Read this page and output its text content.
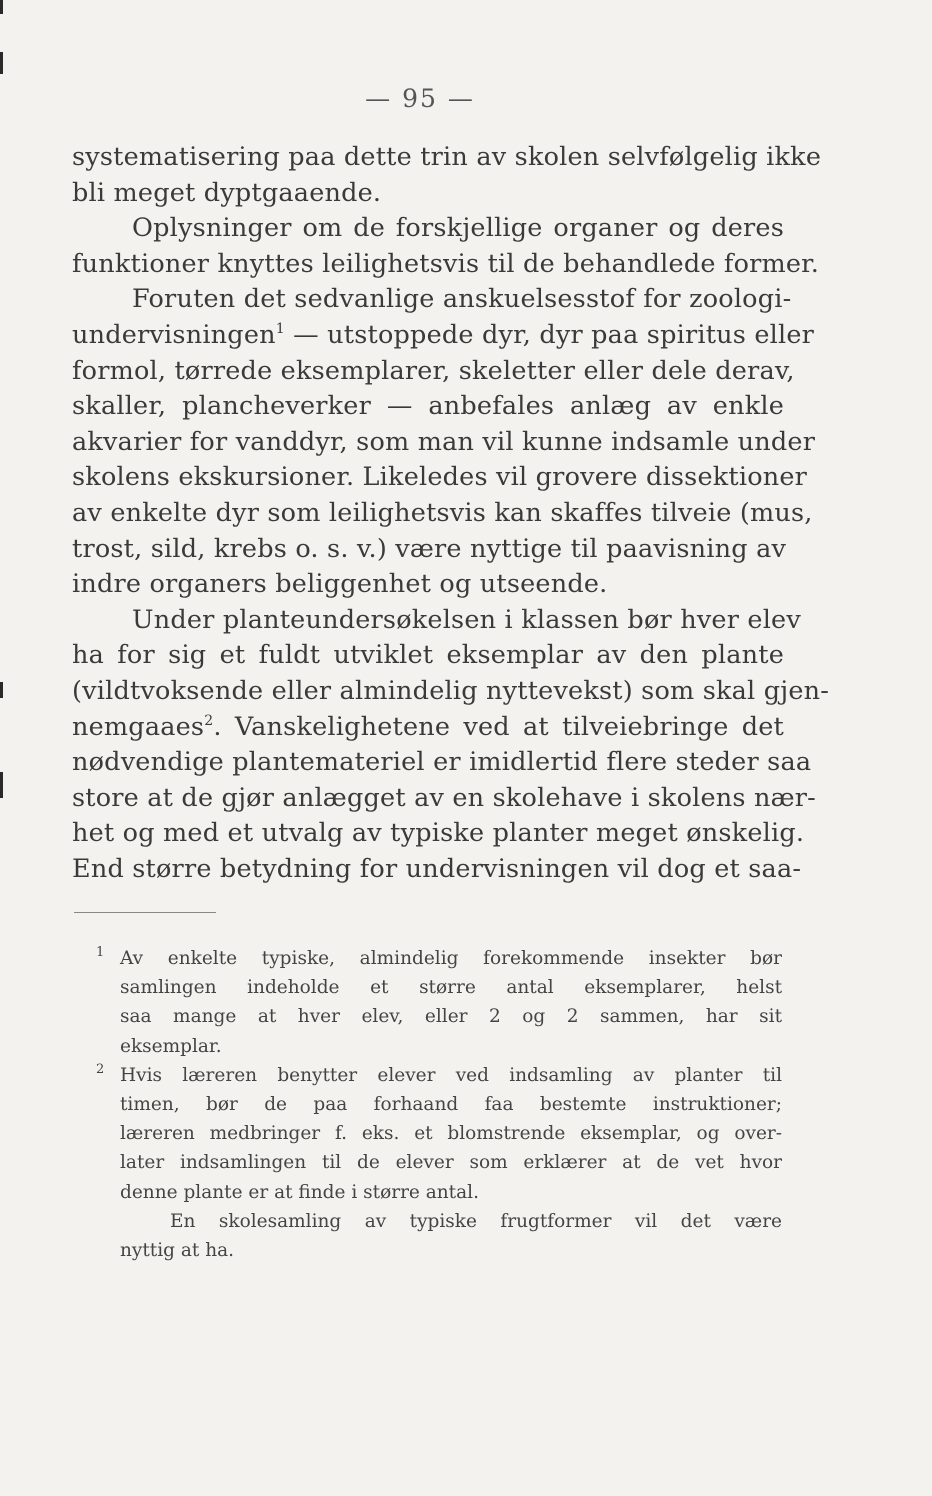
— 95 —
systematisering paa dette trin av skolen selvfølgelig ikke
bli meget dyptgaaende.
Oplysninger om de forskjellige organer og deres
funktioner knyttes leilighetsvis til de behandlede former.
Foruten det sedvanlige anskuelsesstof for zoologi-
undervisningen$^1$ — utstoppede dyr, dyr paa spiritus eller
formol, tørrede eksemplarer, skeletter eller dele derav,
skaller, plancheverker — anbefales anlæg av enkle
akvarier for vanddyr, som man vil kunne indsamle under
skolens ekskursioner. Likeledes vil grovere dissektioner
av enkelte dyr som leilighetsvis kan skaffes tilveie (mus,
trost, sild, krebs o. s. v.) være nyttige til paavisning av
indre organers beliggenhet og utseende.
Under planteundersøkelsen i klassen bør hver elev
ha for sig et fuldt utviklet eksemplar av den plante
(vildtvoksende eller almindelig nyttevekst) som skal gjen-
nemgaaes$^2$. Vanskelighetene ved at tilveiebringe det
nødvendige plantemateriel er imidlertid flere steder saa
store at de gjør anlægget av en skolehave i skolens nær-
het og med et utvalg av typiske planter meget ønskelig.
End større betydning for undervisningen vil dog et saa-
1 Av enkelte typiske, almindelig forekommende insekter bør
samlingen indeholde et større antal eksemplarer, helst
saa mange at hver elev, eller 2 og 2 sammen, har sit
eksemplar.
2 Hvis læreren benytter elever ved indsamling av planter til
timen, bør de paa forhaand faa bestemte instruktioner;
læreren medbringer f. eks. et blomstrende eksemplar, og over-
later indsamlingen til de elever som erklærer at de vet hvor
denne plante er at finde i større antal.
En skolesamling av typiske frugtformer vil det være
nyttig at ha.
